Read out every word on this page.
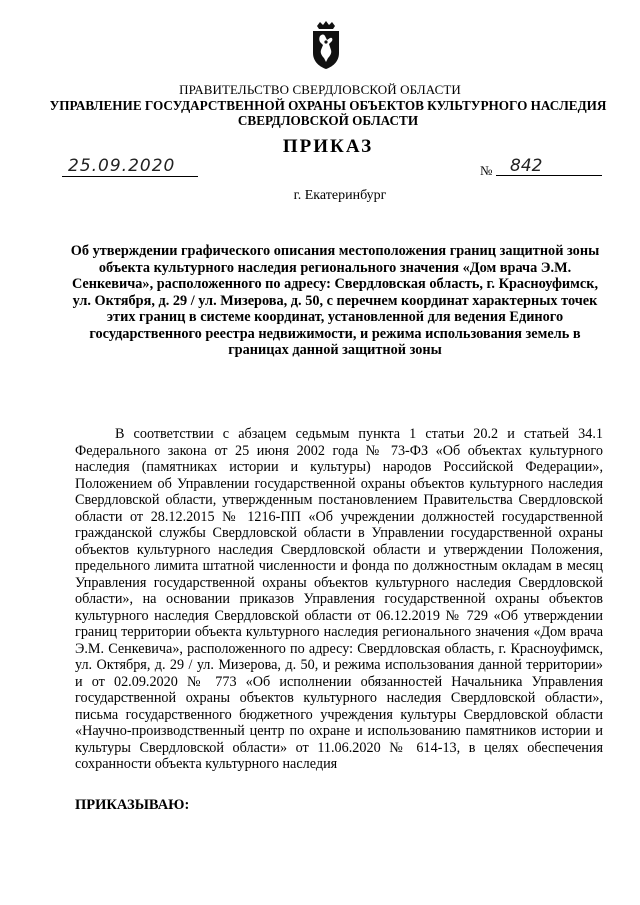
ПРАВИТЕЛЬСТВО СВЕРДЛОВСКОЙ ОБЛАСТИ
УПРАВЛЕНИЕ ГОСУДАРСТВЕННОЙ ОХРАНЫ ОБЪЕКТОВ КУЛЬТУРНОГО НАСЛЕДИЯ СВЕРДЛОВСКОЙ ОБЛАСТИ
ПРИКАЗ
25.09.2020	№	842
г. Екатеринбург
Об утверждении графического описания местоположения границ защитной зоны объекта культурного наследия регионального значения «Дом врача Э.М. Сенкевича», расположенного по адресу: Свердловская область, г. Красноуфимск, ул. Октября, д. 29 / ул. Мизерова, д. 50, с перечнем координат характерных точек этих границ в системе координат, установленной для ведения Единого государственного реестра недвижимости, и режима использования земель в границах данной защитной зоны
В соответствии с абзацем седьмым пункта 1 статьи 20.2 и статьей 34.1 Федерального закона от 25 июня 2002 года № 73-ФЗ «Об объектах культурного наследия (памятниках истории и культуры) народов Российской Федерации», Положением об Управлении государственной охраны объектов культурного наследия Свердловской области, утвержденным постановлением Правительства Свердловской области от 28.12.2015 № 1216-ПП «Об учреждении должностей государственной гражданской службы Свердловской области в Управлении государственной охраны объектов культурного наследия Свердловской области и утверждении Положения, предельного лимита штатной численности и фонда по должностным окладам в месяц Управления государственной охраны объектов культурного наследия Свердловской области», на основании приказов Управления государственной охраны объектов культурного наследия Свердловской области от 06.12.2019 № 729 «Об утверждении границ территории объекта культурного наследия регионального значения «Дом врача Э.М. Сенкевича», расположенного по адресу: Свердловская область, г. Красноуфимск, ул. Октября, д. 29 / ул. Мизерова, д. 50, и режима использования данной территории» и от 02.09.2020 № 773 «Об исполнении обязанностей Начальника Управления государственной охраны объектов культурного наследия Свердловской области», письма государственного бюджетного учреждения культуры Свердловской области «Научно-производственный центр по охране и использованию памятников истории и культуры Свердловской области» от 11.06.2020 № 614-13, в целях обеспечения сохранности объекта культурного наследия
ПРИКАЗЫВАЮ:
